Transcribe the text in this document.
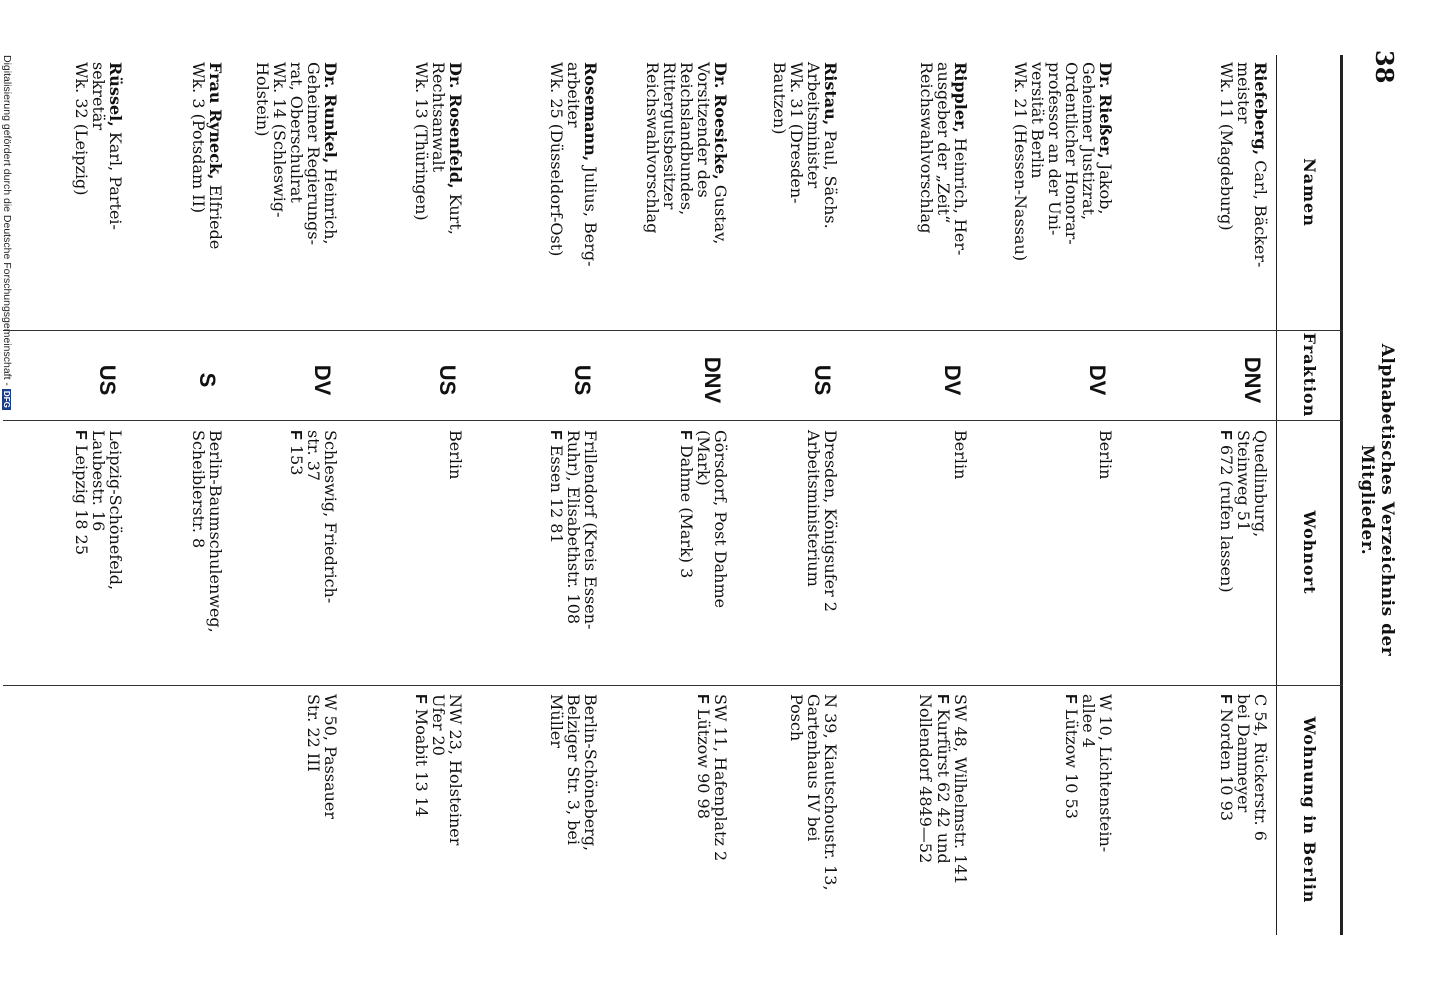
38
Alphabetisches Verzeichnis der Mitglieder.
Namen
Fraktion
Wohnort
Wohnung in Berlin
Riefeberg, Carl, Bäcker-
meister
Wk. 11 (Magdeburg)
DNV
Quedlinburg,
Steinweg 51
F 672 (rufen lassen)
C 54, Rückerstr. 6
bei Dammeyer
F Norden 10 93
Dr. Rießer, Jakob,
Geheimer Justizrat,
Ordentlicher Honorar-
professor an der Uni-
versität Berlin
Wk. 21 (Hessen-Nassau)
DV
Berlin
W 10, Lichtenstein-
allee 4
F Lützow 10 53
Rippler, Heinrich, Her-
ausgeber der „Zeit“
Reichswahlvorschlag
DV
Berlin
SW 48, Wilhelmstr. 141
F Kurfürst 62 42 und
Nollendorf 4849—52
Ristau, Paul, Sächs.
Arbeitsminister
Wk. 31 (Dresden-
Bautzen)
US
Dresden, Königsufer 2
Arbeitsministerium
N 39, Kiautschoustr. 13,
Gartenhaus IV bei
Posch
Dr. Roesicke, Gustav,
Vorsitzender des
Reichslandbundes,
Rittergutsbesitzer
Reichswahlvorschlag
DNV
Görsdorf, Post Dahme
(Mark)
F Dahme (Mark) 3
SW 11, Hafenplatz 2
F Lützow 90 98
Rosemann, Julius, Berg-
arbeiter
Wk. 25 (Düsseldorf-Ost)
US
Frillendorf (Kreis Essen-
Ruhr), Elisabethstr. 108
F Essen 12 81
Berlin-Schöneberg,
Belziger Str. 3, bei
Müller
Dr. Rosenfeld, Kurt,
Rechtsanwalt
Wk. 13 (Thüringen)
US
Berlin
NW 23, Holsteiner
Ufer 20
F Moabit 13 14
Dr. Runkel, Heinrich,
Geheimer Regierungs-
rat, Oberschulrat
Wk. 14 (Schleswig-
Holstein)
DV
Schleswig, Friedrich-
str. 37
F 153
W 50, Passauer
Str. 22 III
Frau Ryneck, Elfriede
Wk. 3 (Potsdam II)
S
Berlin-Baumschulenweg,
Scheiblerstr. 8
Rüssel, Karl, Partei-
sekretär
Wk. 32 (Leipzig)
US
Leipzig-Schönefeld,
Laubestr. 16
F Leipzig 18 25
Digitalisierung gefördert durch die Deutsche Forschungsgemeinschaft -DFG
